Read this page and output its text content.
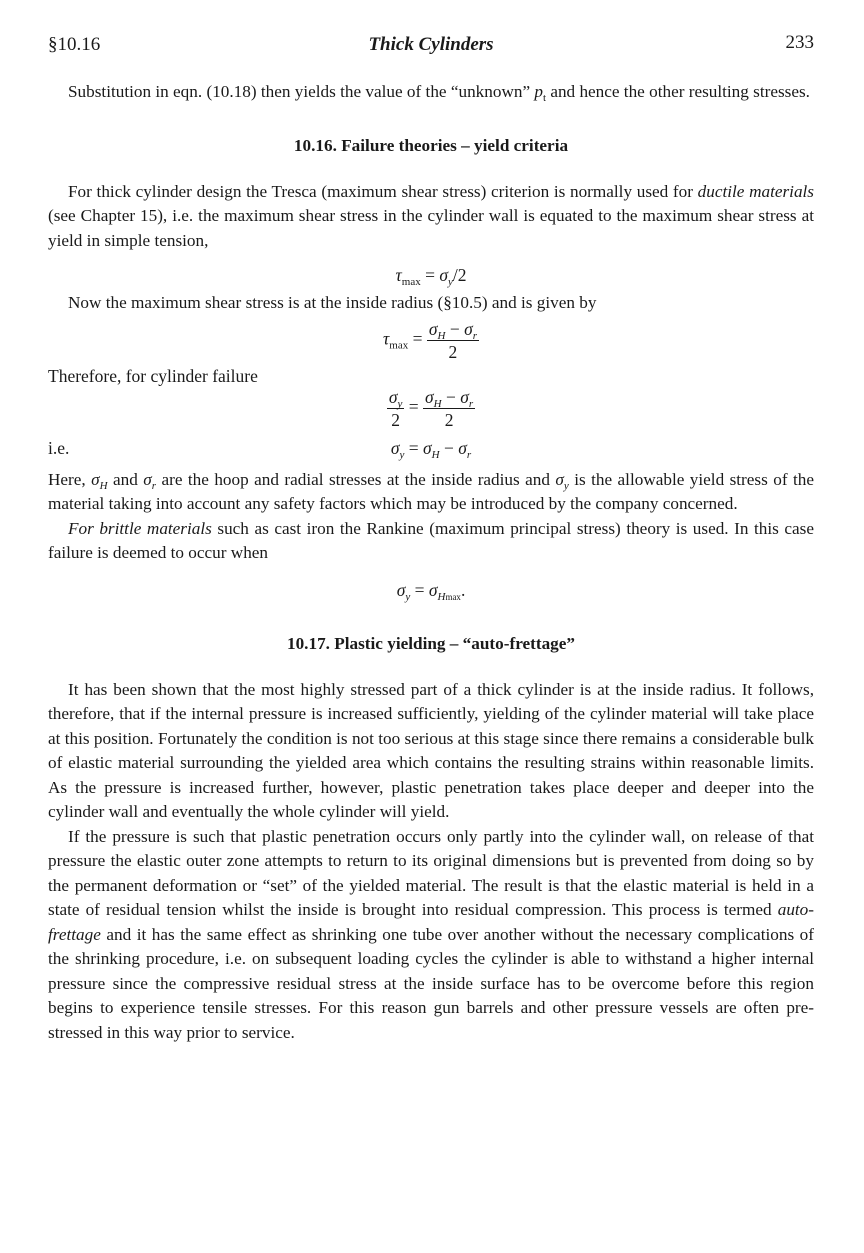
§10.16	Thick Cylinders	233

Substitution in eqn. (10.18) then yields the value of the “unknown” $p_t$ and hence the other resulting stresses.

10.16. Failure theories – yield criteria

For thick cylinder design the Tresca (maximum shear stress) criterion is normally used for ductile materials (see Chapter 15), i.e. the maximum shear stress in the cylinder wall is equated to the maximum shear stress at yield in simple tension,

$\tau_{max} = \sigma_y/2$

Now the maximum shear stress is at the inside radius (§10.5) and is given by

$\tau_{max} = \frac{\sigma_H - \sigma_r}{2}$
Therefore, for cylinder failure
$\frac{\sigma_y}{2} = \frac{\sigma_H - \sigma_r}{2}$
i.e.	$\sigma_y = \sigma_H - \sigma_r$

Here, $\sigma_H$ and $\sigma_r$ are the hoop and radial stresses at the inside radius and $\sigma_y$ is the allowable yield stress of the material taking into account any safety factors which may be introduced by the company concerned.

For brittle materials such as cast iron the Rankine (maximum principal stress) theory is used. In this case failure is deemed to occur when

$\sigma_y = \sigma_{Hmax}$.
10.17. Plastic yielding – “auto-frettage”

It has been shown that the most highly stressed part of a thick cylinder is at the inside radius. It follows, therefore, that if the internal pressure is increased sufficiently, yielding of the cylinder material will take place at this position. Fortunately the condition is not too serious at this stage since there remains a considerable bulk of elastic material surrounding the yielded area which contains the resulting strains within reasonable limits. As the pressure is increased further, however, plastic penetration takes place deeper and deeper into the cylinder wall and eventually the whole cylinder will yield.

If the pressure is such that plastic penetration occurs only partly into the cylinder wall, on release of that pressure the elastic outer zone attempts to return to its original dimensions but is prevented from doing so by the permanent deformation or “set” of the yielded material. The result is that the elastic material is held in a state of residual tension whilst the inside is brought into residual compression. This process is termed auto-frettage and it has the same effect as shrinking one tube over another without the necessary complications of the shrinking procedure, i.e. on subsequent loading cycles the cylinder is able to withstand a higher internal pressure since the compressive residual stress at the inside surface has to be overcome before this region begins to experience tensile stresses. For this reason gun barrels and other pressure vessels are often pre-stressed in this way prior to service.
